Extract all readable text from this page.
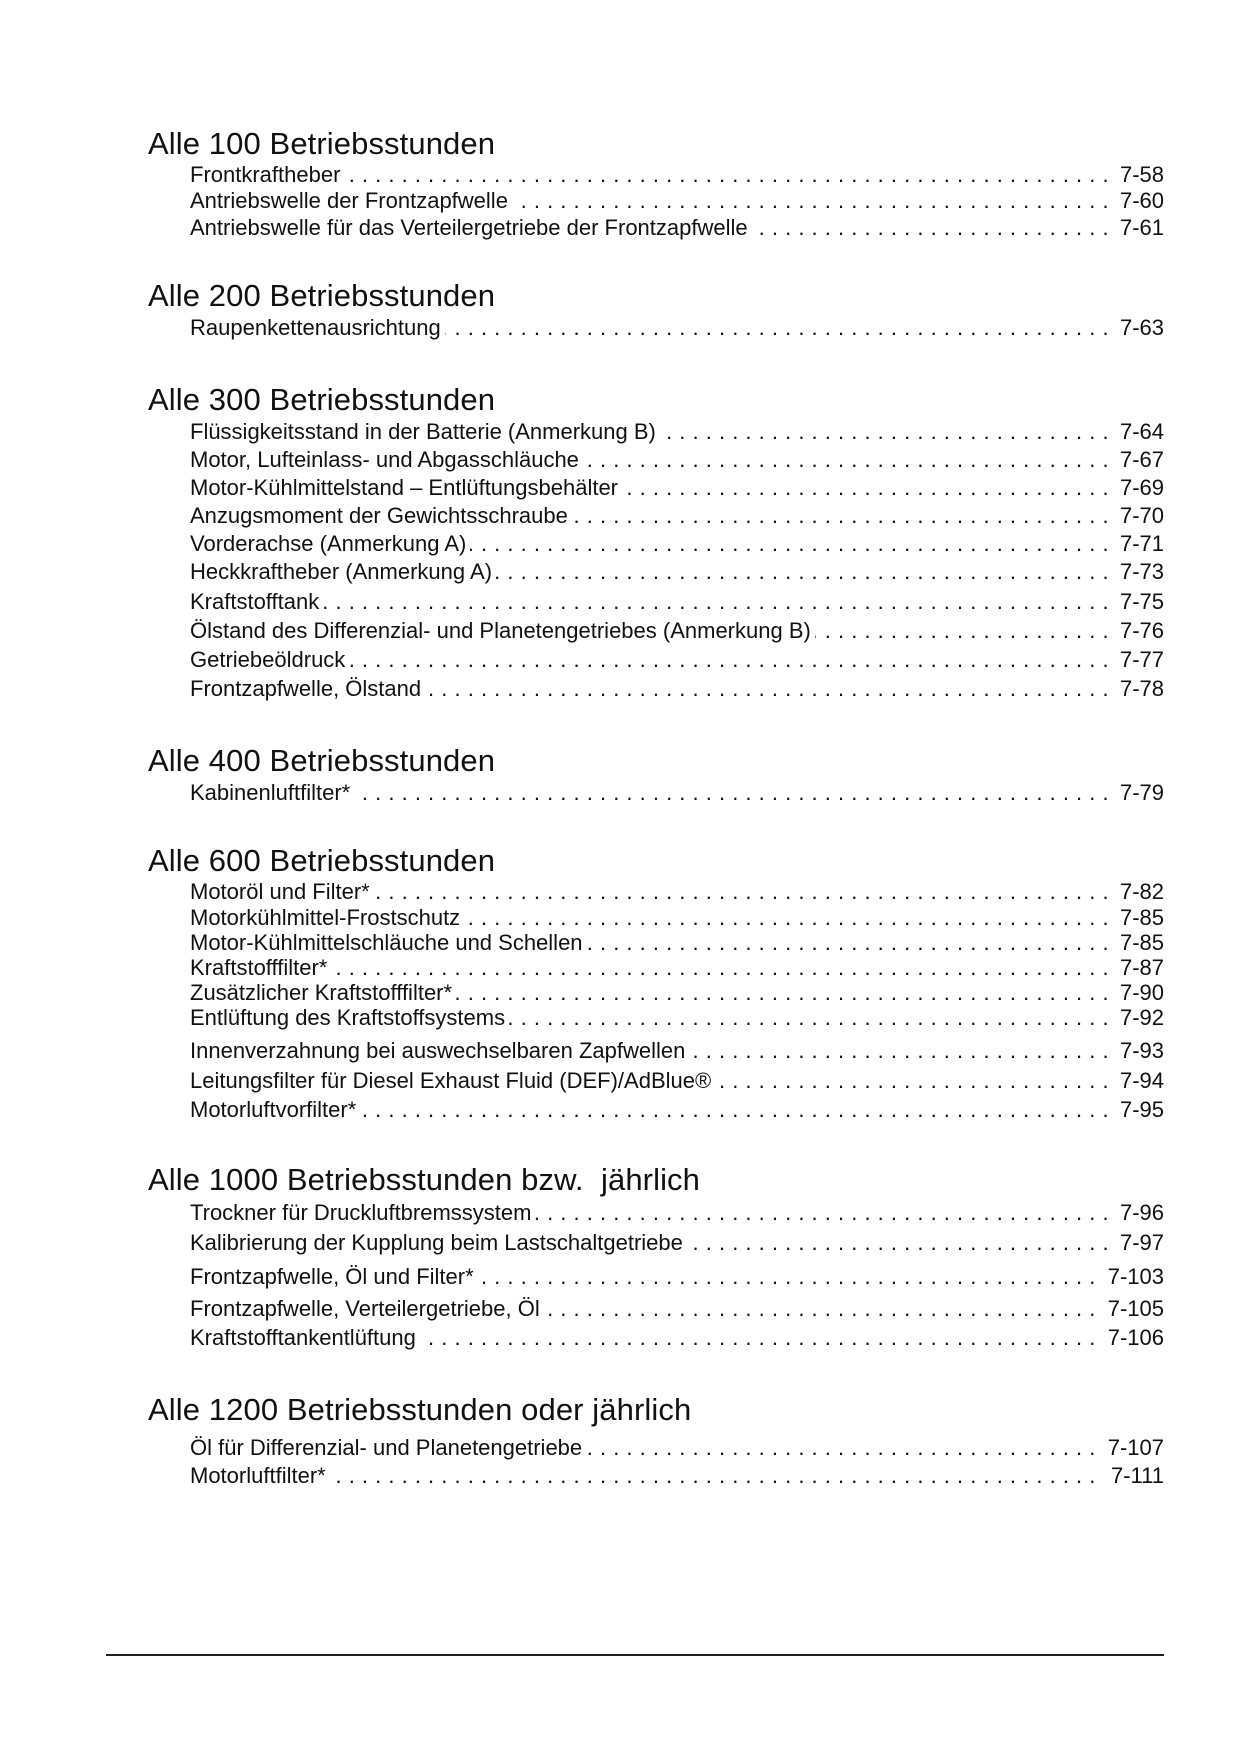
Alle 100 Betriebsstunden
Frontkraftheber	7-58
. . .
Antriebswelle der Frontzapfwelle	7-60
. . .
Antriebswelle für das Verteilergetriebe der Frontzapfwelle	7-61
. . .
Alle 200 Betriebsstunden
Raupenkettenausrichtung	7-63
. . .
Alle 300 Betriebsstunden
Flüssigkeitsstand in der Batterie (Anmerkung B)	7-64
. . .
Motor, Lufteinlass- und Abgasschläuche	7-67
. . .
Motor-Kühlmittelstand – Entlüftungsbehälter	7-69
. . .
Anzugsmoment der Gewichtsschraube	7-70
. . .
Vorderachse (Anmerkung A)	7-71
. . .
Heckkraftheber (Anmerkung A)	7-73
. . .
Kraftstofftank	7-75
. . .
Ölstand des Differenzial- und Planetengetriebes (Anmerkung B)	7-76
. . .
Getriebeöldruck	7-77
. . .
Frontzapfwelle, Ölstand	7-78
. . .
Alle 400 Betriebsstunden
Kabinenluftfilter*	7-79
. . .
Alle 600 Betriebsstunden
Motoröl und Filter*	7-82
. . .
Motorkühlmittel-Frostschutz	7-85
. . .
Motor-Kühlmittelschläuche und Schellen	7-85
. . .
Kraftstofffilter*	7-87
. . .
Zusätzlicher Kraftstofffilter*	7-90
. . .
Entlüftung des Kraftstoffsystems	7-92
. . .
Innenverzahnung bei auswechselbaren Zapfwellen	7-93
. . .
Leitungsfilter für Diesel Exhaust Fluid (DEF)/AdBlue®	7-94
. . .
Motorluftvorfilter*	7-95
. . .
Alle 1000 Betriebsstunden bzw.  jährlich
Trockner für Druckluftbremssystem	7-96
. . .
Kalibrierung der Kupplung beim Lastschaltgetriebe	7-97
. . .
Frontzapfwelle, Öl und Filter*	7-103
. . .
Frontzapfwelle, Verteilergetriebe, Öl	7-105
. . .
Kraftstofftankentlüftung	7-106
. . .
Alle 1200 Betriebsstunden oder jährlich
Öl für Differenzial- und Planetengetriebe	7-107
. . .
Motorluftfilter*	7-111
. . .
